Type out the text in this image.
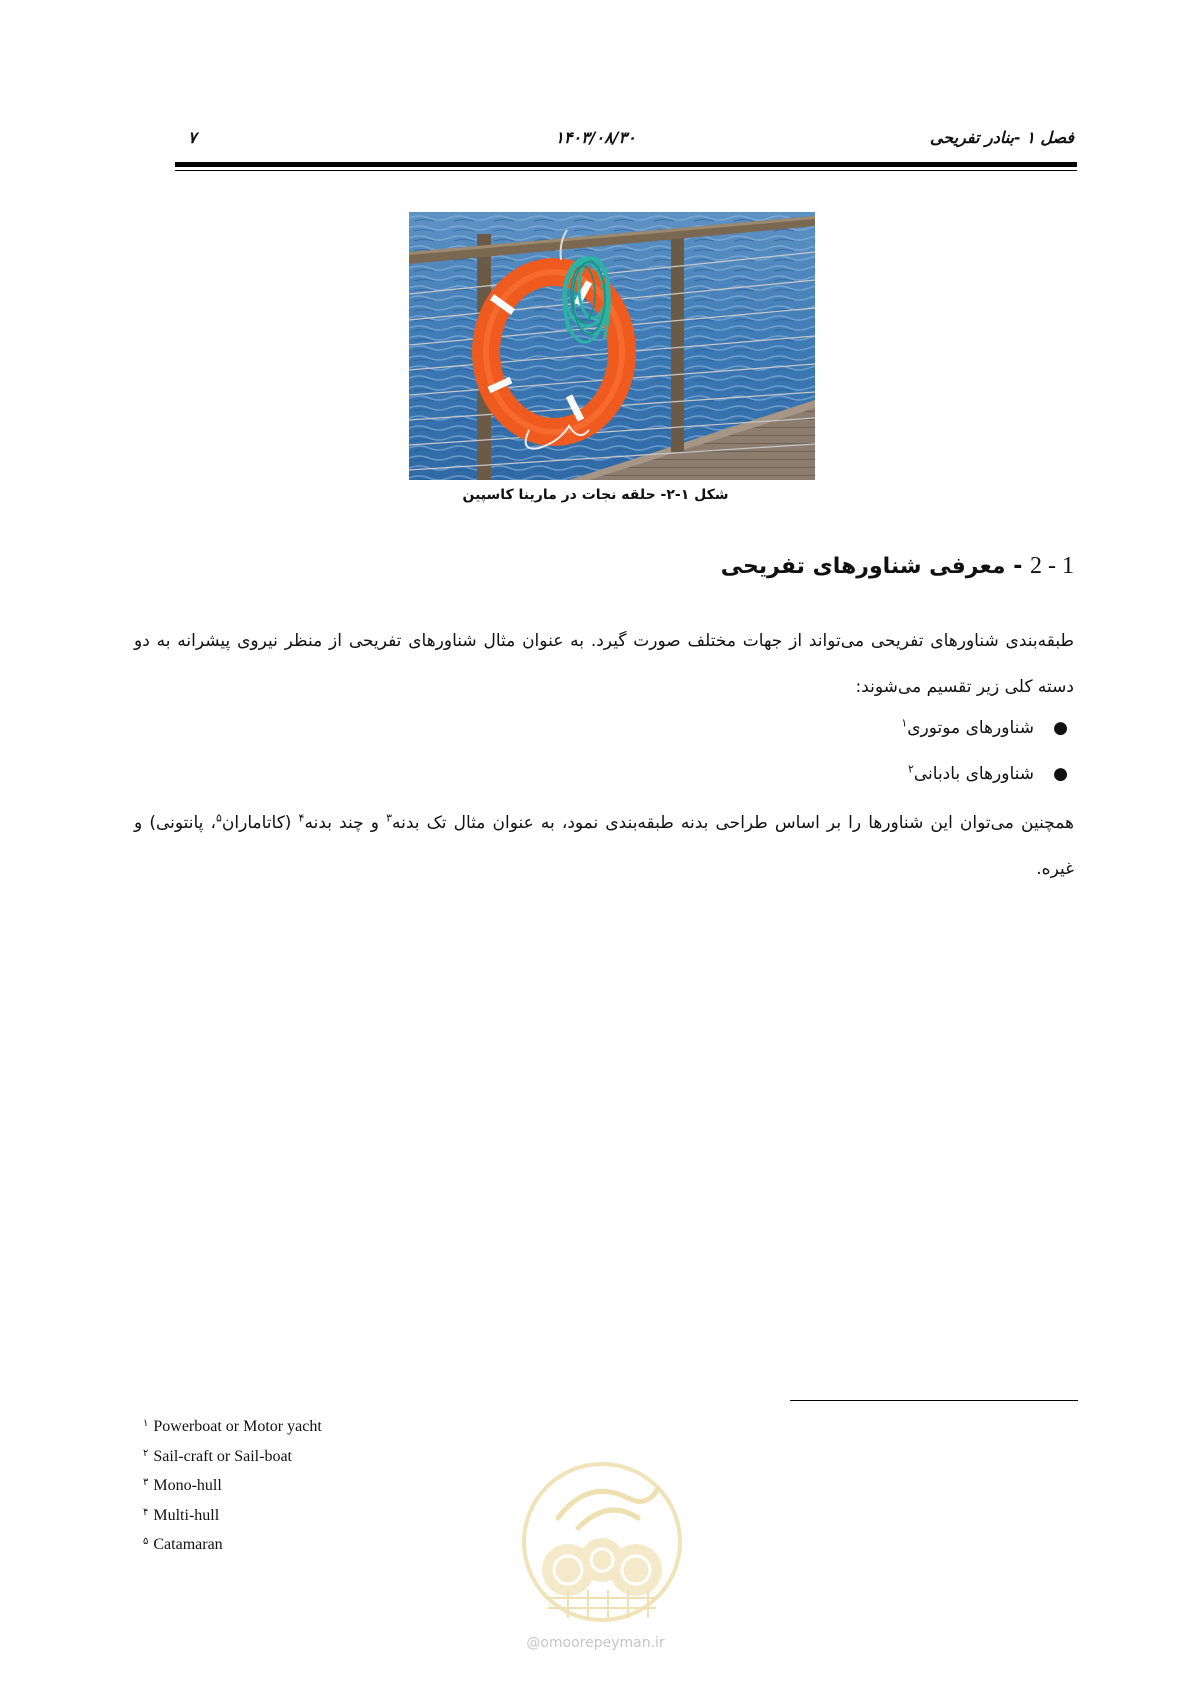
فصل ۱ -بنادر تفریحی
۱۴۰۳/۰۸/۳۰
۷
شکل ۱-۲- حلقه نجات در مارینا کاسپین
1 - 2 - معرفی شناورهای تفریحی
طبقه‌بندی شناورهای تفریحی می‌تواند از جهات مختلف صورت گیرد. به عنوان مثال شناورهای تفریحی از منظر نیروی پیشرانه به دو دسته کلی زیر تقسیم می‌شوند:
●
شناورهای موتوری$^۱$
●
شناورهای بادبانی$^۲$
همچنین می‌توان این شناورها را بر اساس طراحی بدنه طبقه‌بندی نمود، به عنوان مثال تک بدنه$^۳$ و چند بدنه$^۴$ (کاتاماران$^۵$، پانتونی) و غیره.
$^۱$ Powerboat or Motor yacht
$^۲$ Sail-craft or Sail-boat
$^۳$ Mono-hull
$^۴$ Multi-hull
$^۵$ Catamaran
@omoorepeyman.ir
